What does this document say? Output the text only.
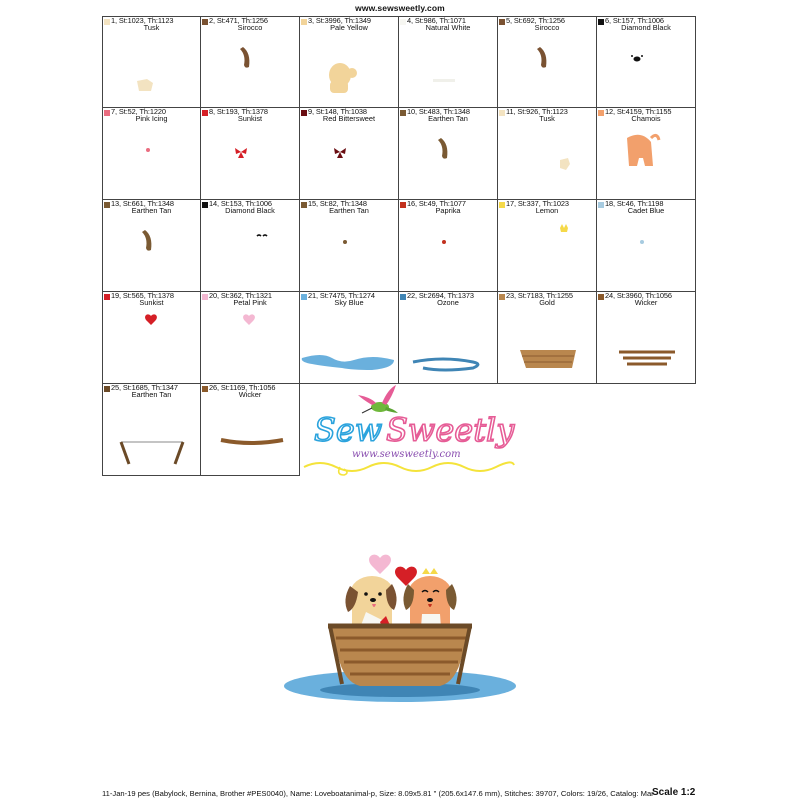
www.sewsweetly.com
1, St:1023, Th:1123
Tusk
2, St:471, Th:1256
Sirocco
3, St:3996, Th:1349
Pale Yellow
4, St:986, Th:1071
Natural White
5, St:692, Th:1256
Sirocco
6, St:157, Th:1006
Diamond Black
7, St:52, Th:1220
Pink Icing
8, St:193, Th:1378
Sunkist
9, St:148, Th:1038
Red Bittersweet
10, St:483, Th:1348
Earthen Tan
11, St:926, Th:1123
Tusk
12, St:4159, Th:1155
Chamois
13, St:661, Th:1348
Earthen Tan
14, St:153, Th:1006
Diamond Black
15, St:82, Th:1348
Earthen Tan
16, St:49, Th:1077
Paprika
17, St:337, Th:1023
Lemon
18, St:46, Th:1198
Cadet Blue
19, St:565, Th:1378
Sunkist
20, St:362, Th:1321
Petal Pink
21, St:7475, Th:1274
Sky Blue
22, St:2694, Th:1373
Ozone
23, St:7183, Th:1255
Gold
24, St:3960, Th:1056
Wicker
25, St:1685, Th:1347
Earthen Tan
26, St:1169, Th:1056
Wicker
Sew Sweetly
www.sewsweetly.com
11-Jan-19 pes (Babylock, Bernina, Brother #PES0040), Name: Loveboatanimal-p, Size: 8.09x5.81 " (205.6x147.6 mm), Stitches: 39707, Colors: 19/26, Catalog: Mar
Scale 1:2
